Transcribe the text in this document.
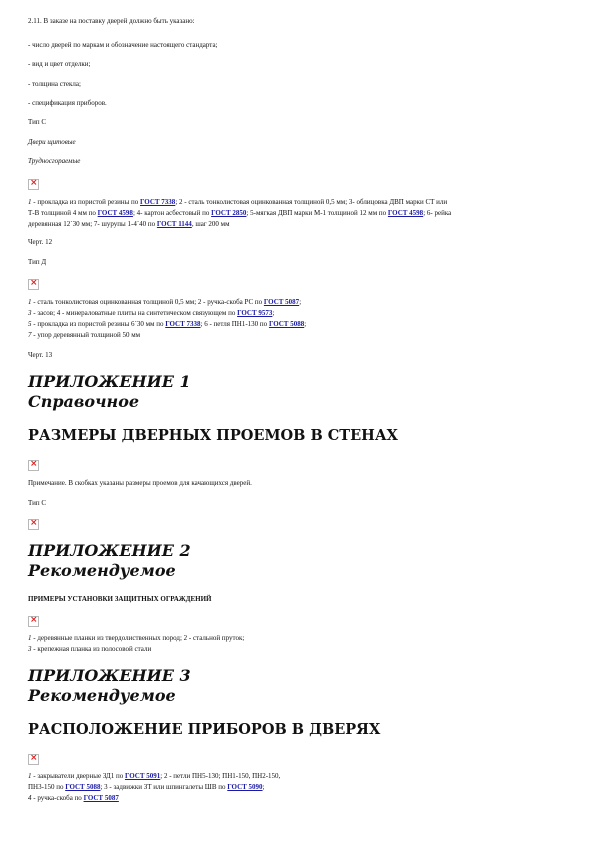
2.11. В заказе на поставку дверей должно быть указано:

- число дверей по маркам и обозначение настоящего стандарта;

- вид и цвет отделки;

- толщина стекла;

- спецификация приборов.

Тип С

Двери щитовые

Трудносгораемые

×

1 - прокладка из пористой резины по ГОСТ 7338; 2 - сталь тонколистовая оцинкованная толщиной 0,5 мм; 3- облицовка ДВП марки СТ или

Т-В толщиной 4 мм по ГОСТ 4598; 4- картон асбестовый по ГОСТ 2850; 5-мягкая ДВП марки М-1 толщиной 12 мм по ГОСТ 4598; 6- рейка

деревянная 12´30 мм; 7- шурупы 1-4´40 по ГОСТ 1144, шаг 200 мм

Черт. 12

Тип Д

×

1 - сталь тонколистовая оцинкованная толщиной 0,5 мм; 2 - ручка-скоба РС по ГОСТ 5087;

3 - засов; 4 - минераловатные плиты на синтетическом связующем по ГОСТ 9573;

5 - прокладка из пористой резины 6´30 мм по ГОСТ 7338; 6 - петля ПН1-130 по ГОСТ 5088;

7 - упор деревянный толщиной 50 мм

Черт. 13

ПРИЛОЖЕНИЕ 1
Справочное
РАЗМЕРЫ ДВЕРНЫХ ПРОЕМОВ В СТЕНАХ
×

Примечание. В скобках указаны размеры проемов для качающихся дверей.

Тип С

×
ПРИЛОЖЕНИЕ 2
Рекомендуемое

ПРИМЕРЫ УСТАНОВКИ ЗАЩИТНЫХ ОГРАЖДЕНИЙ

×

1 - деревянные планки из твердолиственных пород; 2 - стальной пруток;

3 - крепежная планка из полосовой стали

ПРИЛОЖЕНИЕ 3
Рекомендуемое
РАСПОЛОЖЕНИЕ ПРИБОРОВ В ДВЕРЯХ
×

1 - закрыватели дверные ЗД1 по ГОСТ 5091; 2 - петли ПН5-130; ПН1-150, ПН2-150,

ПН3-150 по ГОСТ 5088; 3 - задвижки ЗТ или шпингалеты ШВ по ГОСТ 5090;

4 - ручка-скоба по ГОСТ 5087
